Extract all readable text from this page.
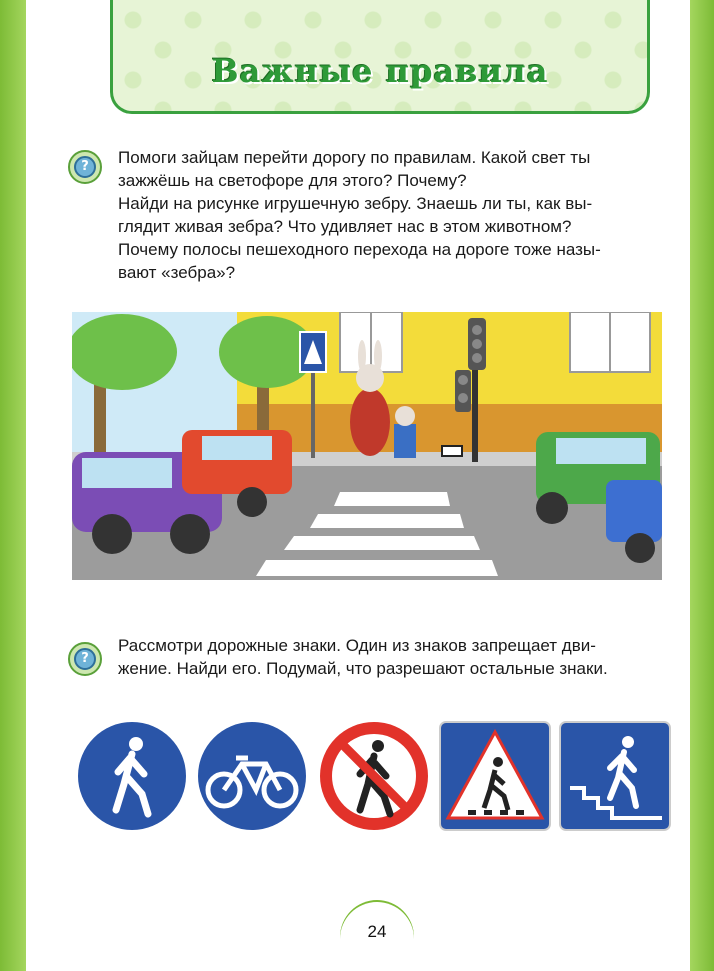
Важные правила
?	Помоги зайцам перейти дорогу по правилам. Какой свет ты

зажжёшь на светофоре для этого? Почему?

Найди на рисунке игрушечную зебру. Знаешь ли ты, как вы-

глядит живая зебра? Что удивляет нас в этом животном?

Почему полосы пешеходного перехода на дороге тоже назы-

вают «зебра»?

?

Рассмотри дорожные знаки. Один из знаков запрещает дви-

жение. Найди его. Подумай, что разрешают остальные знаки.

24
